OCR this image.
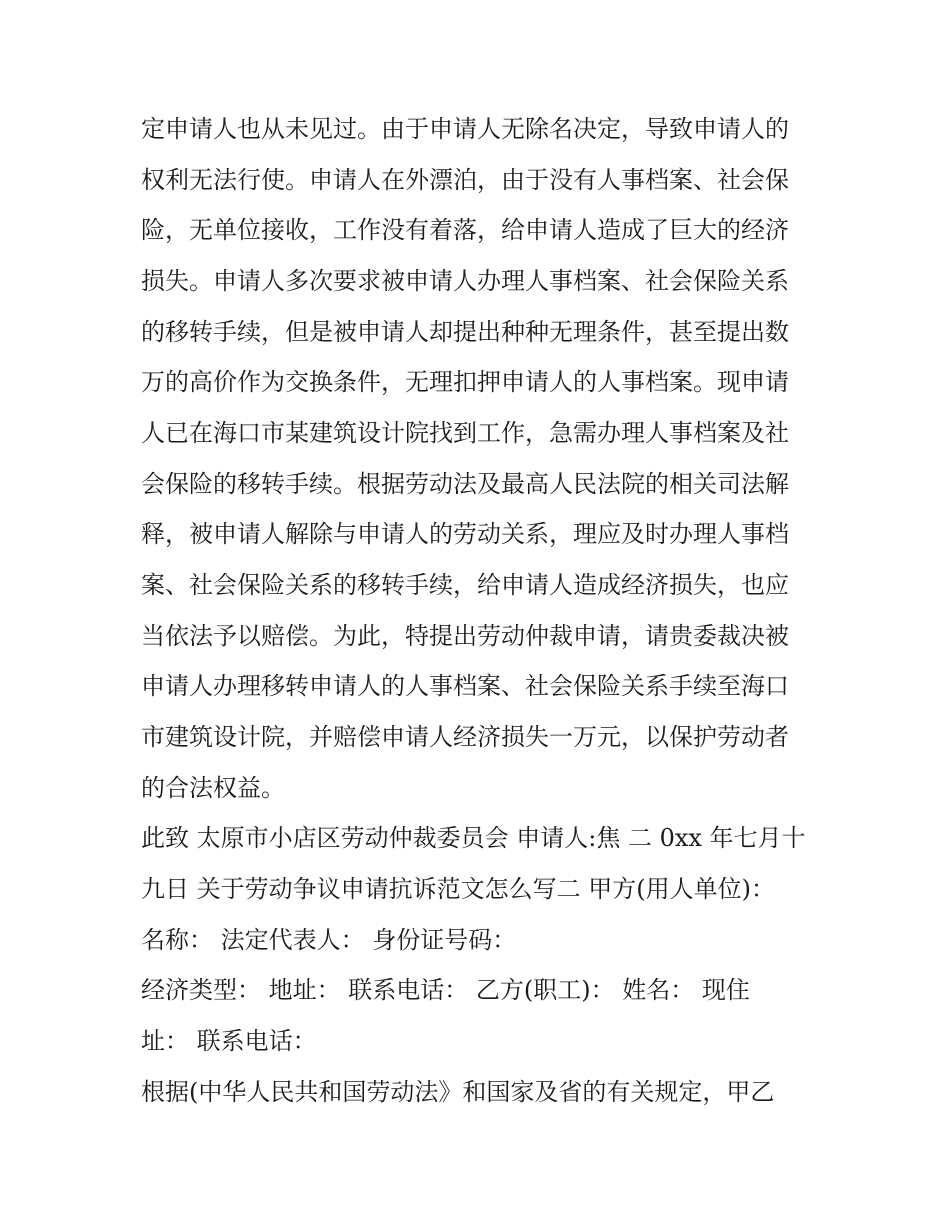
定申请人也从未见过。由于申请人无除名决定，导致申请人的
权利无法行使。申请人在外漂泊，由于没有人事档案、社会保
险，无单位接收，工作没有着落，给申请人造成了巨大的经济
损失。申请人多次要求被申请人办理人事档案、社会保险关系
的移转手续，但是被申请人却提出种种无理条件，甚至提出数
万的高价作为交换条件，无理扣押申请人的人事档案。现申请
人已在海口市某建筑设计院找到工作，急需办理人事档案及社
会保险的移转手续。根据劳动法及最高人民法院的相关司法解
释，被申请人解除与申请人的劳动关系，理应及时办理人事档
案、社会保险关系的移转手续，给申请人造成经济损失，也应
当依法予以赔偿。为此，特提出劳动仲裁申请，请贵委裁决被
申请人办理移转申请人的人事档案、社会保险关系手续至海口
市建筑设计院，并赔偿申请人经济损失一万元，以保护劳动者
的合法权益。
此致 太原市小店区劳动仲裁委员会 申请人:焦 二 0xx 年七月十
九日 关于劳动争议申请抗诉范文怎么写二 甲方(用人单位)：
名称： 法定代表人： 身份证号码：
经济类型： 地址： 联系电话： 乙方(职工)： 姓名： 现住
址： 联系电话：
根据(中华人民共和国劳动法》和国家及省的有关规定，甲乙
